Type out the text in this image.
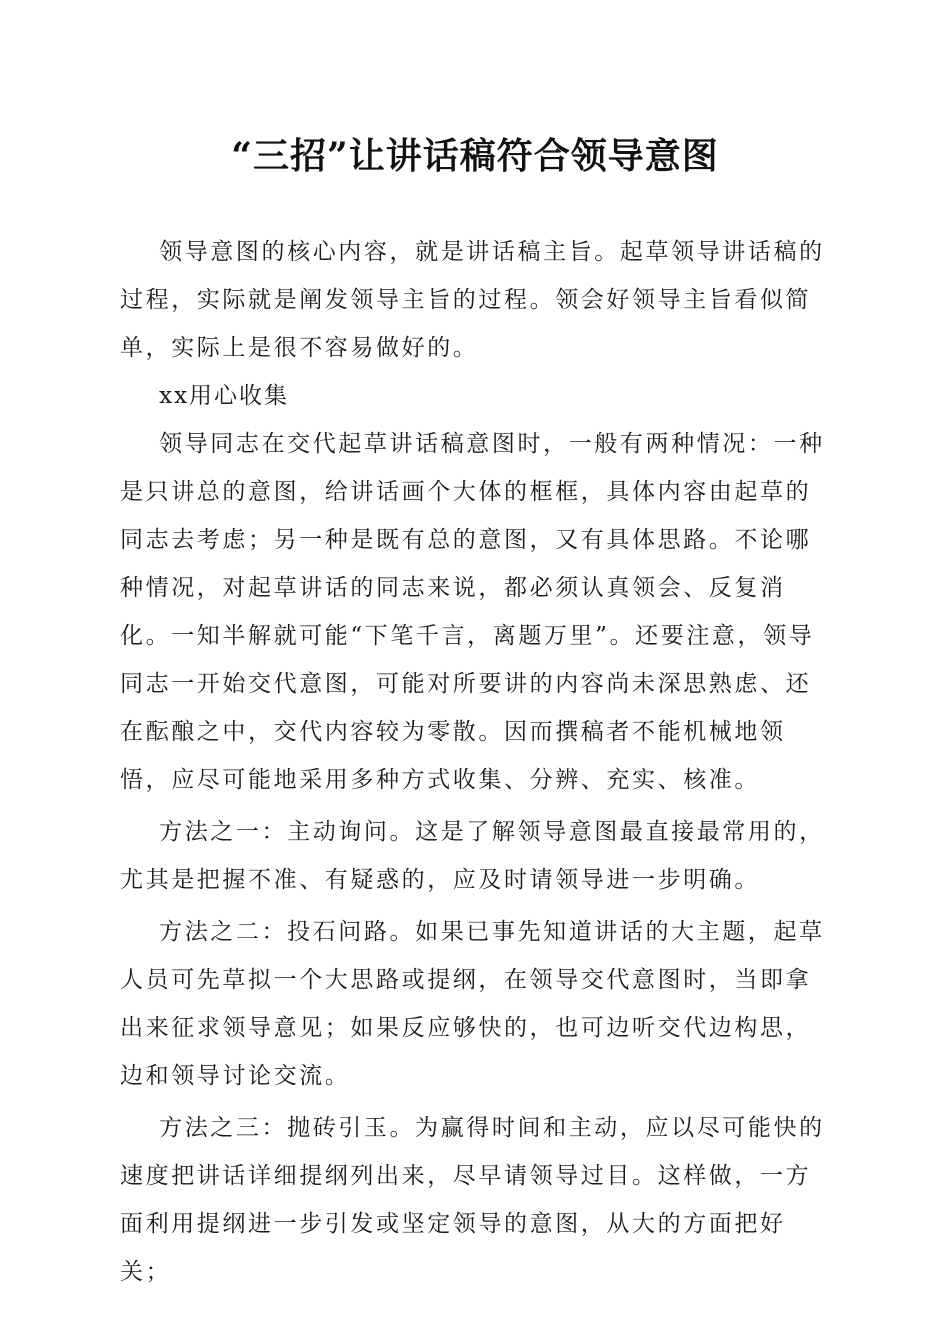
“三招”让讲话稿符合领导意图

领导意图的核心内容，就是讲话稿主旨。起草领导讲话稿的过程，实际就是阐发领导主旨的过程。领会好领导主旨看似简单，实际上是很不容易做好的。

xx用心收集

领导同志在交代起草讲话稿意图时，一般有两种情况：一种是只讲总的意图，给讲话画个大体的框框，具体内容由起草的同志去考虑；另一种是既有总的意图，又有具体思路。不论哪种情况，对起草讲话的同志来说，都必须认真领会、反复消化。一知半解就可能“下笔千言，离题万里”。还要注意，领导同志一开始交代意图，可能对所要讲的内容尚未深思熟虑、还在酝酿之中，交代内容较为零散。因而撰稿者不能机械地领悟，应尽可能地采用多种方式收集、分辨、充实、核准。

方法之一：主动询问。这是了解领导意图最直接最常用的，尤其是把握不准、有疑惑的，应及时请领导进一步明确。

方法之二：投石问路。如果已事先知道讲话的大主题，起草人员可先草拟一个大思路或提纲，在领导交代意图时，当即拿出来征求领导意见；如果反应够快的，也可边听交代边构思，边和领导讨论交流。

方法之三：抛砖引玉。为赢得时间和主动，应以尽可能快的速度把讲话详细提纲列出来，尽早请领导过目。这样做，一方面利用提纲进一步引发或坚定领导的意图，从大的方面把好关；
